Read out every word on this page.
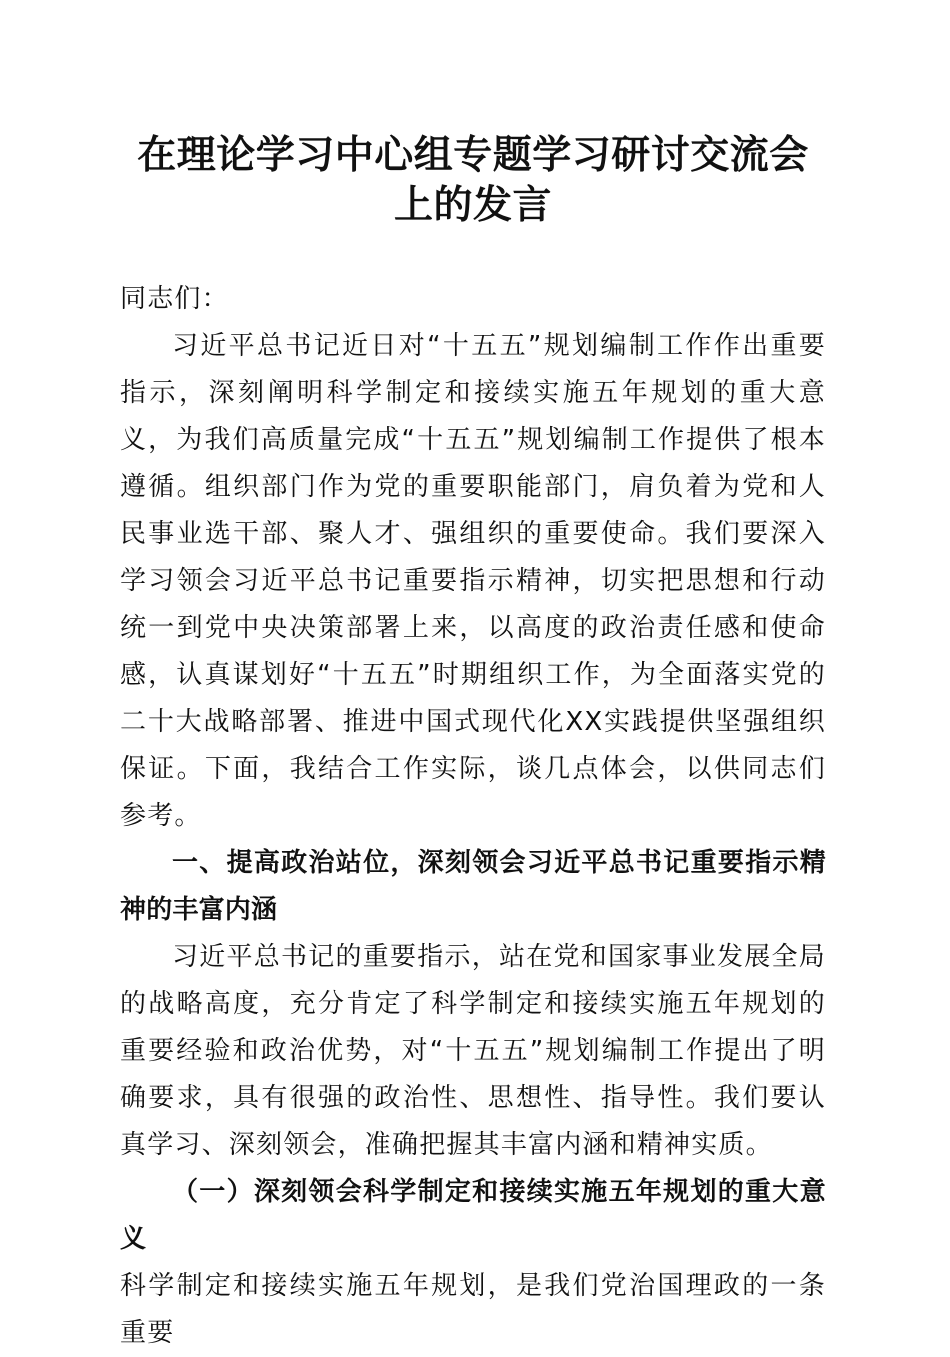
在理论学习中心组专题学习研讨交流会上的发言

同志们：

习近平总书记近日对“十五五”规划编制工作作出重要指示，深刻阐明科学制定和接续实施五年规划的重大意义，为我们高质量完成“十五五”规划编制工作提供了根本遵循。组织部门作为党的重要职能部门，肩负着为党和人民事业选干部、聚人才、强组织的重要使命。我们要深入学习领会习近平总书记重要指示精神，切实把思想和行动统一到党中央决策部署上来，以高度的政治责任感和使命感，认真谋划好“十五五”时期组织工作，为全面落实党的二十大战略部署、推进中国式现代化XX实践提供坚强组织保证。下面，我结合工作实际，谈几点体会，以供同志们参考。

一、提高政治站位，深刻领会习近平总书记重要指示精神的丰富内涵

习近平总书记的重要指示，站在党和国家事业发展全局的战略高度，充分肯定了科学制定和接续实施五年规划的重要经验和政治优势，对“十五五”规划编制工作提出了明确要求，具有很强的政治性、思想性、指导性。我们要认真学习、深刻领会，准确把握其丰富内涵和精神实质。

（一）深刻领会科学制定和接续实施五年规划的重大意义

科学制定和接续实施五年规划，是我们党治国理政的一条重要
